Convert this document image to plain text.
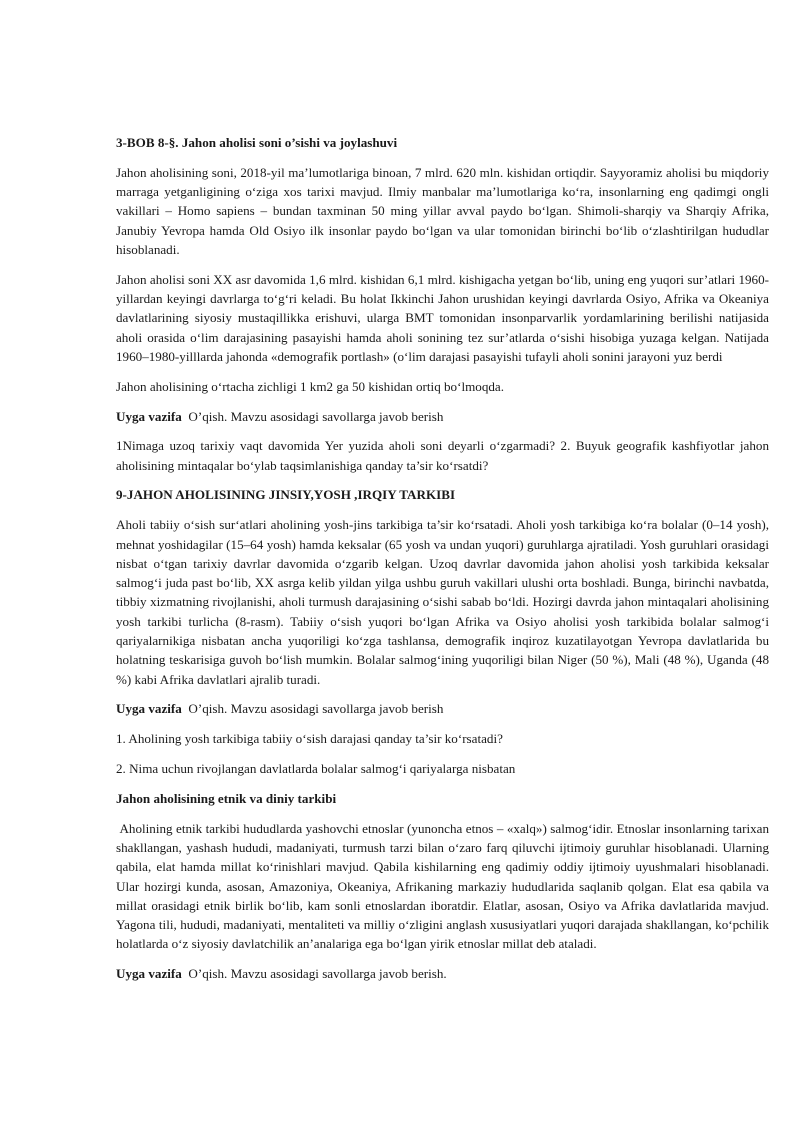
3-BOB 8-§. Jahon aholisi soni o’sishi va joylashuvi

Jahon aholisining soni, 2018-yil ma’lumotlariga binoan, 7 mlrd. 620 mln. kishidan ortiqdir. Sayyoramiz aholisi bu miqdoriy marraga yetganligining o‘ziga xos tarixi mavjud. Ilmiy manbalar ma’lumotlariga ko‘ra, insonlarning eng qadimgi ongli vakillari – Homo sapiens – bundan taxminan 50 ming yillar avval paydo bo‘lgan. Shimoli-sharqiy va Sharqiy Afrika, Janubiy Yevropa hamda Old Osiyo ilk insonlar paydo bo‘lgan va ular tomonidan birinchi bo‘lib o‘zlashtirilgan hududlar hisoblanadi.

Jahon aholisi soni XX asr davomida 1,6 mlrd. kishidan 6,1 mlrd. kishigacha yetgan bo‘lib, uning eng yuqori sur’atlari 1960-yillardan keyingi davrlarga to‘g‘ri keladi. Bu holat Ikkinchi Jahon urushidan keyingi davrlarda Osiyo, Afrika va Okeaniya davlatlarining siyosiy mustaqillikka erishuvi, ularga BMT tomonidan insonparvarlik yordamlarining berilishi natijasida aholi orasida o‘lim darajasining pasayishi hamda aholi sonining tez sur’atlarda o‘sishi hisobiga yuzaga kelgan. Natijada 1960–1980-yilllarda jahonda «demografik portlash» (o‘lim darajasi pasayishi tufayli aholi sonini jarayoni yuz berdi

Jahon aholisining o‘rtacha zichligi 1 km2 ga 50 kishidan ortiq bo‘lmoqda.

Uyga vazifa  O’qish. Mavzu asosidagi savollarga javob berish

1Nimaga uzoq tarixiy vaqt davomida Yer yuzida aholi soni deyarli o‘zgarmadi? 2. Buyuk geografik kashfiyotlar jahon aholisining mintaqalar bo‘ylab taqsimlanishiga qanday ta’sir ko‘rsatdi?

9-JAHON AHOLISINING JINSIY,YOSH ,IRQIY TARKIBI

Aholi tabiiy o‘sish sur‘atlari aholining yosh-jins tarkibiga ta’sir ko‘rsatadi. Aholi yosh tarkibiga ko‘ra bolalar (0–14 yosh), mehnat yoshidagilar (15–64 yosh) hamda keksalar (65 yosh va undan yuqori) guruhlarga ajratiladi. Yosh guruhlari orasidagi nisbat o‘tgan tarixiy davrlar davomida o‘zgarib kelgan. Uzoq davrlar davomida jahon aholisi yosh tarkibida keksalar salmog‘i juda past bo‘lib, XX asrga kelib yildan yilga ushbu guruh vakillari ulushi orta boshladi. Bunga, birinchi navbatda, tibbiy xizmatning rivojlanishi, aholi turmush darajasining o‘sishi sabab bo‘ldi. Hozirgi davrda jahon mintaqalari aholisining yosh tarkibi turlicha (8-rasm). Tabiiy o‘sish yuqori bo‘lgan Afrika va Osiyo aholisi yosh tarkibida bolalar salmog‘i qariyalarnikiga nisbatan ancha yuqoriligi ko‘zga tashlansa, demografik inqiroz kuzatilayotgan Yevropa davlatlarida bu holatning teskarisiga guvoh bo‘lish mumkin. Bolalar salmog‘ining yuqoriligi bilan Niger (50 %), Mali (48 %), Uganda (48 %) kabi Afrika davlatlari ajralib turadi.

Uyga vazifa  O’qish. Mavzu asosidagi savollarga javob berish

1. Aholining yosh tarkibiga tabiiy o‘sish darajasi qanday ta’sir ko‘rsatadi?

2. Nima uchun rivojlangan davlatlarda bolalar salmog‘i qariyalarga nisbatan

Jahon aholisining etnik va diniy tarkibi

Aholining etnik tarkibi hududlarda yashovchi etnoslar (yunoncha etnos – «xalq») salmog‘idir. Etnoslar insonlarning tarixan shakllangan, yashash hududi, madaniyati, turmush tarzi bilan o‘zaro farq qiluvchi ijtimoiy guruhlar hisoblanadi. Ularning qabila, elat hamda millat ko‘rinishlari mavjud. Qabila kishilarning eng qadimiy oddiy ijtimoiy uyushmalari hisoblanadi. Ular hozirgi kunda, asosan, Amazoniya, Okeaniya, Afrikaning markaziy hududlarida saqlanib qolgan. Elat esa qabila va millat orasidagi etnik birlik bo‘lib, kam sonli etnoslardan iboratdir. Elatlar, asosan, Osiyo va Afrika davlatlarida mavjud. Yagona tili, hududi, madaniyati, mentaliteti va milliy o‘zligini anglash xususiyatlari yuqori darajada shakllangan, ko‘pchilik holatlarda o‘z siyosiy davlatchilik an’analariga ega bo‘lgan yirik etnoslar millat deb ataladi.

Uyga vazifa  O’qish. Mavzu asosidagi savollarga javob berish.
